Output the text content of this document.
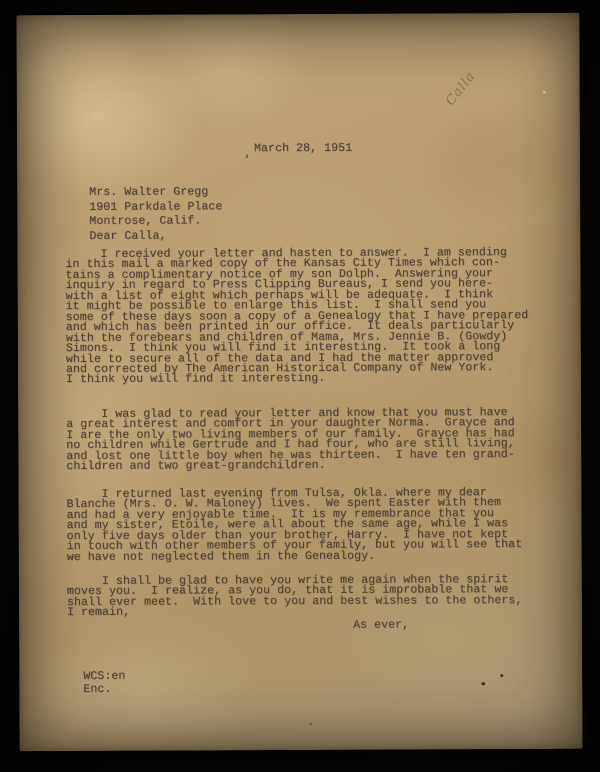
Calla
March 28, 1951
Mrs. Walter Gregg
1901 Parkdale Place
Montrose, Calif.
Dear Calla,
I received your letter and hasten to answer.  I am sending
in this mail a marked copy of the Kansas City Times which con-
tains a complimentary notice of my son Dolph.  Answering your
inquiry in regard to Press Clipping Bureaus, I send you here-
with a list of eight which perhaps will be adequate.  I think
it might be possible to enlarge this list.  I shall send you
some of these days soon a copy of a Genealogy that I have prepared
and which has been printed in our office.  It deals particularly
with the forebears and children of Mama, Mrs. Jennie B. (Gowdy)
Simons.  I think you will find it interesting.  It took a long
while to secure all of the data and I had the matter approved
and corrected by The American Historical Company of New York.
I think you will find it interesting.
I was glad to read your letter and know that you must have
a great interest and comfort in your daughter Norma.  Grayce and
I are the only two living members of our family.  Grayce has had
no children while Gertrude and I had four, who are still living,
and lost one little boy when he was thirteen.  I have ten grand-
children and two great-grandchildren.
I returned last evening from Tulsa, Okla. where my dear
Blanche (Mrs. O. W. Maloney) lives.  We spent Easter with them
and had a very enjoyable time.  It is my remembrance that you
and my sister, Etoile, were all about the same age, while I was
only five days older than your brother, Harry.  I have not kept
in touch with other members of your family, but you will see that
we have not neglected them in the Genealogy.
I shall be glad to have you write me again when the spirit
moves you.  I realize, as you do, that it is improbable that we
shall ever meet.  With love to you and best wishes to the others,
I remain,
As ever,
WCS:en
Enc.
